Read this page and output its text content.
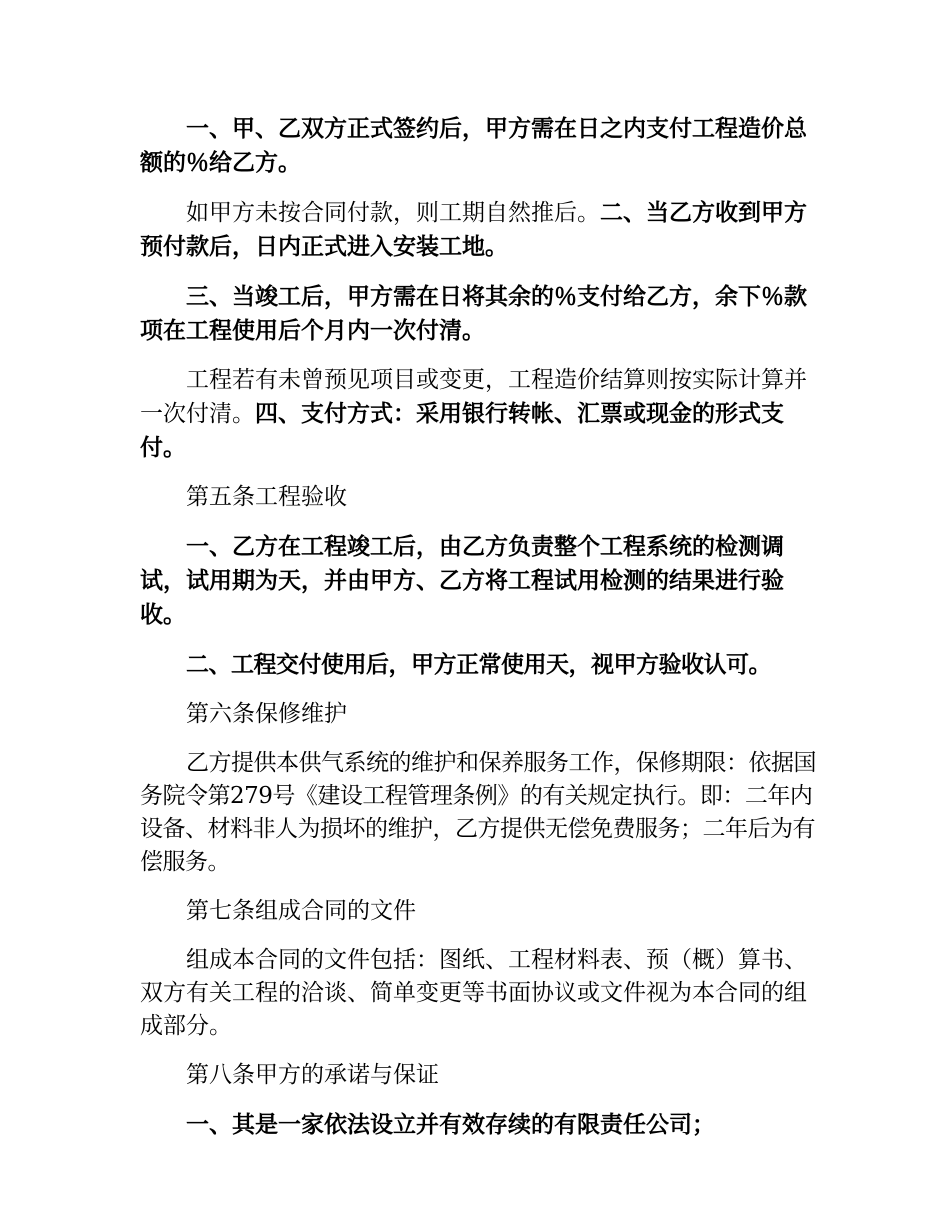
一、甲、乙双方正式签约后，甲方需在日之内支付工程造价总额的％给乙方。

如甲方未按合同付款，则工期自然推后。二、当乙方收到甲方预付款后，日内正式进入安装工地。

三、当竣工后，甲方需在日将其余的％支付给乙方，余下％款项在工程使用后个月内一次付清。

工程若有未曾预见项目或变更，工程造价结算则按实际计算并一次付清。四、支付方式：采用银行转帐、汇票或现金的形式支付。

第五条工程验收

一、乙方在工程竣工后，由乙方负责整个工程系统的检测调试，试用期为天，并由甲方、乙方将工程试用检测的结果进行验收。

二、工程交付使用后，甲方正常使用天，视甲方验收认可。

第六条保修维护

乙方提供本供气系统的维护和保养服务工作，保修期限：依据国务院令第279号《建设工程管理条例》的有关规定执行。即：二年内设备、材料非人为损坏的维护，乙方提供无偿免费服务；二年后为有偿服务。

第七条组成合同的文件

组成本合同的文件包括：图纸、工程材料表、预（概）算书、双方有关工程的洽谈、简单变更等书面协议或文件视为本合同的组成部分。

第八条甲方的承诺与保证

一、其是一家依法设立并有效存续的有限责任公司；
